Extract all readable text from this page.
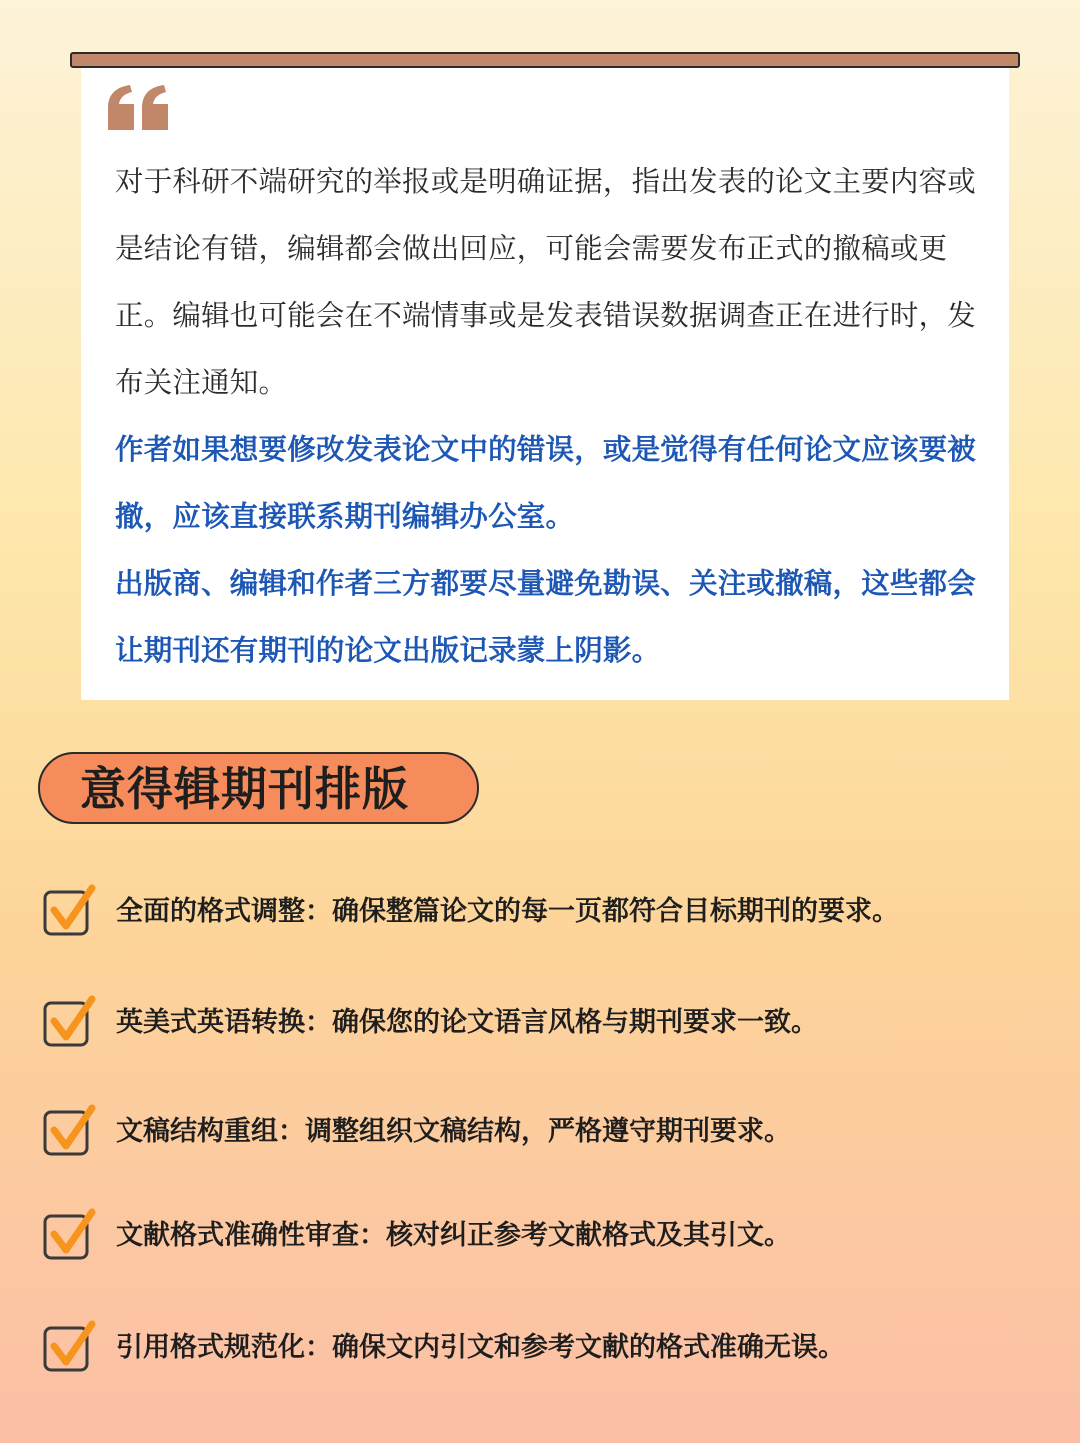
对于科研不端研究的举报或是明确证据，指出发表的论文主要内容或是结论有错，编辑都会做出回应，可能会需要发布正式的撤稿或更正。编辑也可能会在不端情事或是发表错误数据调查正在进行时，发布关注通知。

作者如果想要修改发表论文中的错误，或是觉得有任何论文应该要被撤，应该直接联系期刊编辑办公室。

出版商、编辑和作者三方都要尽量避免勘误、关注或撤稿，这些都会让期刊还有期刊的论文出版记录蒙上阴影。

意得辑期刊排版
全面的格式调整：确保整篇论文的每一页都符合目标期刊的要求。
英美式英语转换：确保您的论文语言风格与期刊要求一致。
文稿结构重组：调整组织文稿结构，严格遵守期刊要求。
文献格式准确性审查：核对纠正参考文献格式及其引文。
引用格式规范化：确保文内引文和参考文献的格式准确无误。
